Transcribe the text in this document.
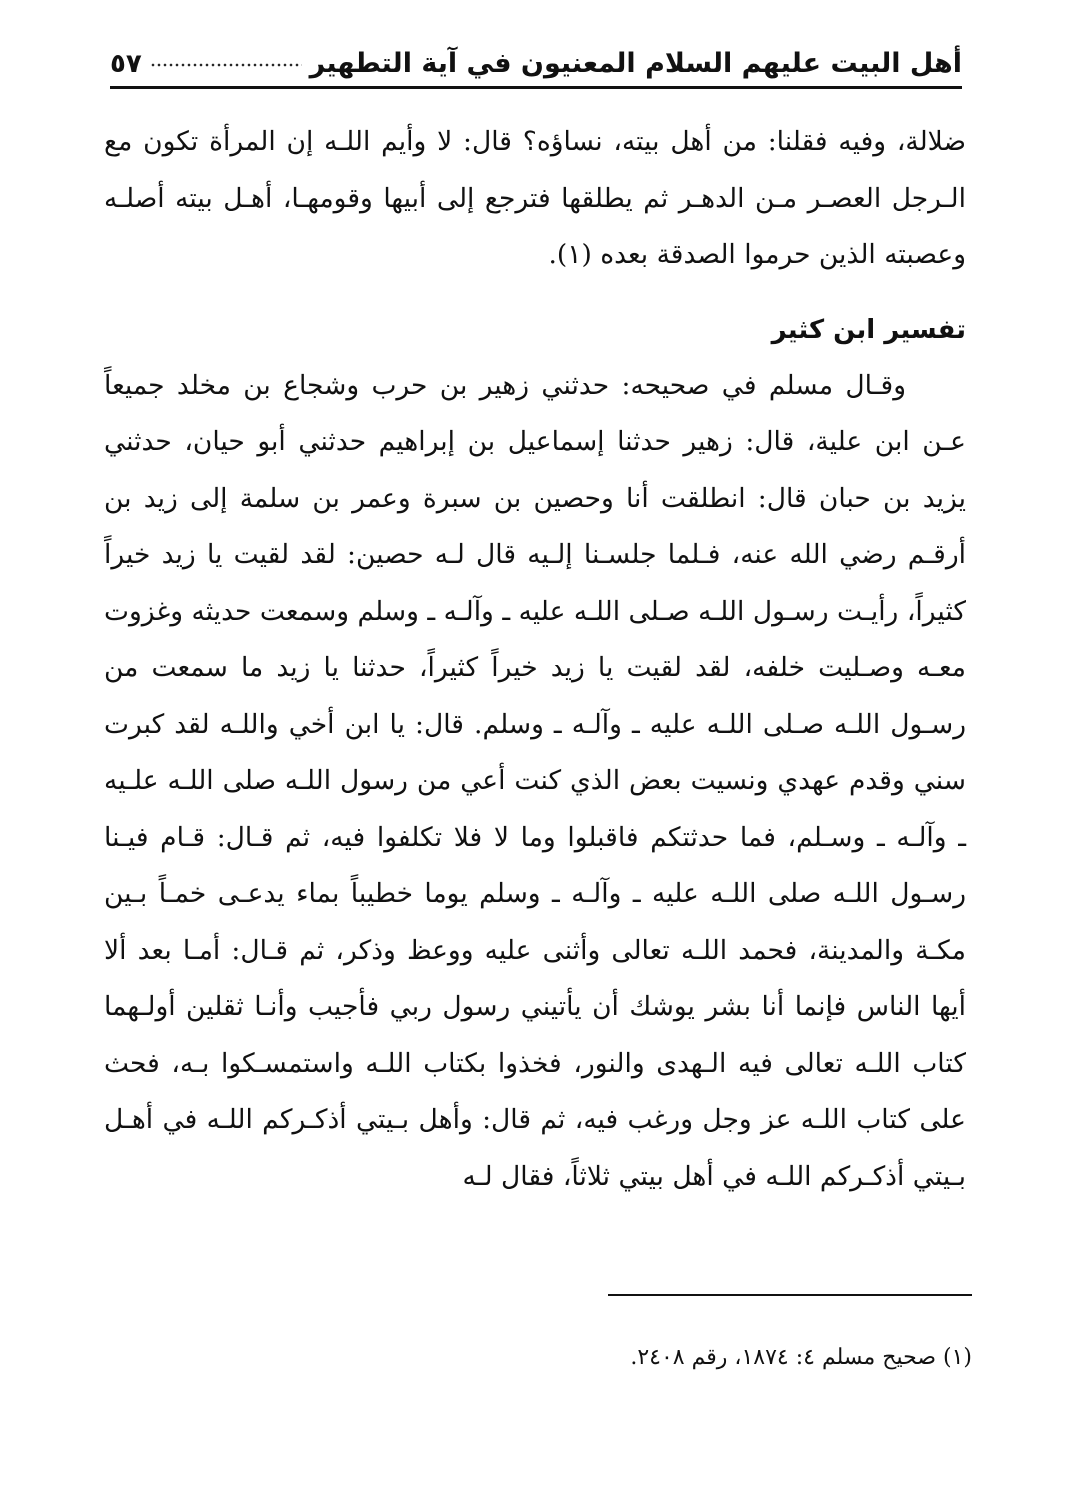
أهل البيت عليهم السلام المعنيون في آية التطهير
٥٧

ضلالة، وفيه فقلنا: من أهل بيته، نساؤه؟ قال: لا وأيم اللـه إن المرأة تكون مع الـرجل العصـر مـن الدهـر ثم يطلقها فترجع إلى أبيها وقومهـا، أهـل بيته أصلـه وعصبته الذين حرموا الصدقة بعده (١).

تفسير ابن كثير

وقـال مسلم في صحيحه: حدثني زهير بن حرب وشجاع بن مخلد جميعاً عـن ابن علية، قال: زهير حدثنا إسماعيل بن إبراهيم حدثني أبو حيان، حدثني يزيد بن حبان قال: انطلقت أنا وحصين بن سبرة وعمر بن سلمة إلى زيد بن أرقـم رضي الله عنه، فـلما جلسـنا إلـيه قال لـه حصين: لقد لقيت يا زيد خيراً كثيراً، رأيـت رسـول اللـه صـلى اللـه عليه ـ وآلـه ـ وسلم وسمعت حديثه وغزوت معـه وصـليت خلفه، لقد لقيت يا زيد خيراً كثيراً، حدثنا يا زيد ما سمعت من رسـول اللـه صـلى اللـه عليه ـ وآلـه ـ وسلم. قال: يا ابن أخي واللـه لقد كبرت سني وقدم عهدي ونسيت بعض الذي كنت أعي من رسول اللـه صلى اللـه علـيه ـ وآلـه ـ وسـلم، فما حدثتكم فاقبلوا وما لا فلا تكلفوا فيه، ثم قـال: قـام فيـنا رسـول اللـه صلى اللـه عليه ـ وآلـه ـ وسلم يوما خطيباً بماء يدعـى خمـاً بـين مكـة والمدينة، فحمد اللـه تعالى وأثنى عليه ووعظ وذكر، ثم قـال: أمـا بعد ألا أيها الناس فإنما أنا بشر يوشك أن يأتيني رسول ربي فأجيب وأنـا ثقلين أولـهما كتاب اللـه تعالى فيه الـهدى والنور، فخذوا بكتاب اللـه واستمسـكوا بـه، فحث على كتاب اللـه عز وجل ورغب فيه، ثم قال: وأهل بـيتي أذكـركم اللـه في أهـل بـيتي أذكـركم اللـه في أهل بيتي ثلاثاً، فقال لـه

(١) صحيح مسلم ٤: ١٨٧٤، رقم ٢٤٠٨.
